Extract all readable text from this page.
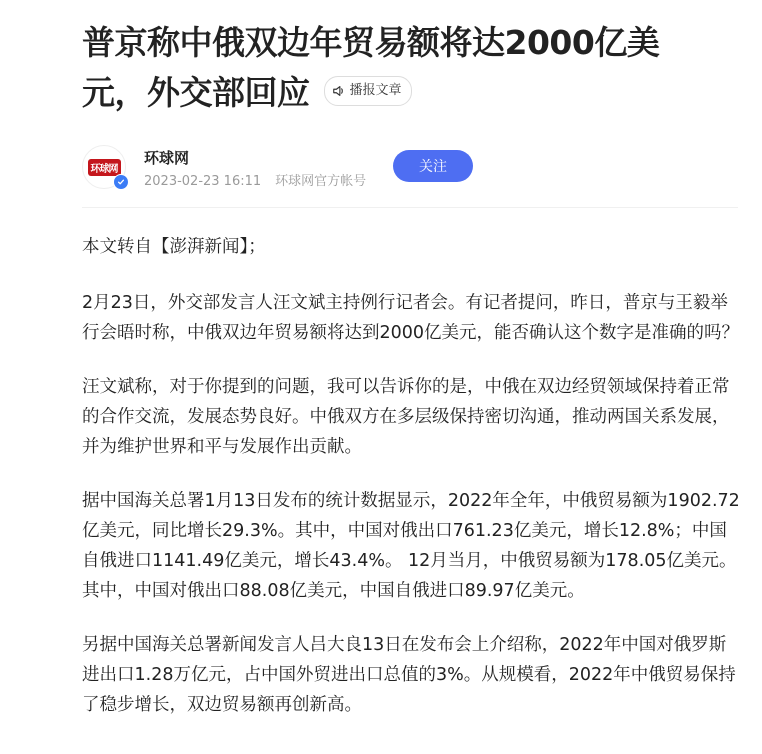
普京称中俄双边年贸易额将达2000亿美
元，外交部回应	播报文章
环球网
环球网
2023-02-23 16:11 环球网官方帐号
关注

本文转自【澎湃新闻】；

2月23日，外交部发言人汪文斌主持例行记者会。有记者提问，昨日，普京与王毅举行会晤时称，中俄双边年贸易额将达到2000亿美元，能否确认这个数字是准确的吗？

汪文斌称，对于你提到的问题，我可以告诉你的是，中俄在双边经贸领域保持着正常的合作交流，发展态势良好。中俄双方在多层级保持密切沟通，推动两国关系发展，并为维护世界和平与发展作出贡献。

据中国海关总署1月13日发布的统计数据显示，2022年全年，中俄贸易额为1902.72亿美元，同比增长29.3%。其中，中国对俄出口761.23亿美元，增长12.8%；中国自俄进口1141.49亿美元，增长43.4%。 12月当月，中俄贸易额为178.05亿美元。其中，中国对俄出口88.08亿美元，中国自俄进口89.97亿美元。

另据中国海关总署新闻发言人吕大良13日在发布会上介绍称，2022年中国对俄罗斯进出口1.28万亿元，占中国外贸进出口总值的3%。从规模看，2022年中俄贸易保持了稳步增长，双边贸易额再创新高。
